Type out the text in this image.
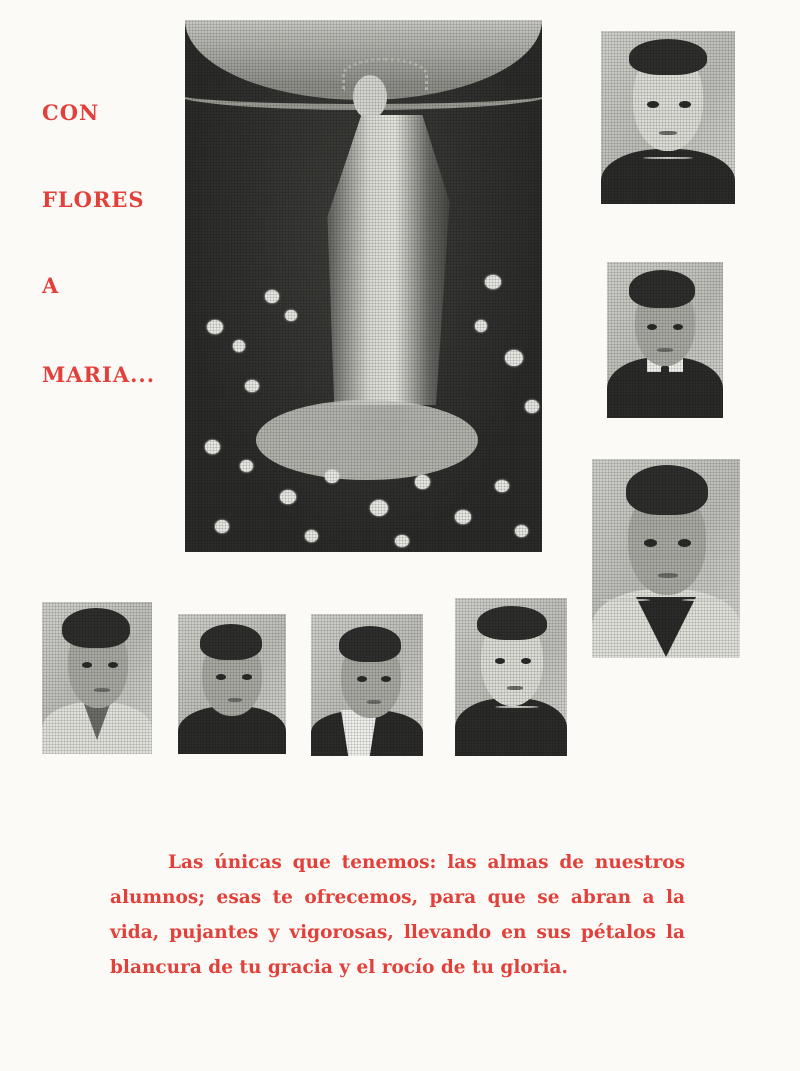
CON
FLORES
A
MARIA...
Las únicas que tenemos: las almas de nuestros alumnos; esas te ofrecemos, para que se abran a la vida, pujantes y vigorosas, llevando en sus pétalos la blancura de tu gracia y el rocío de tu gloria.
